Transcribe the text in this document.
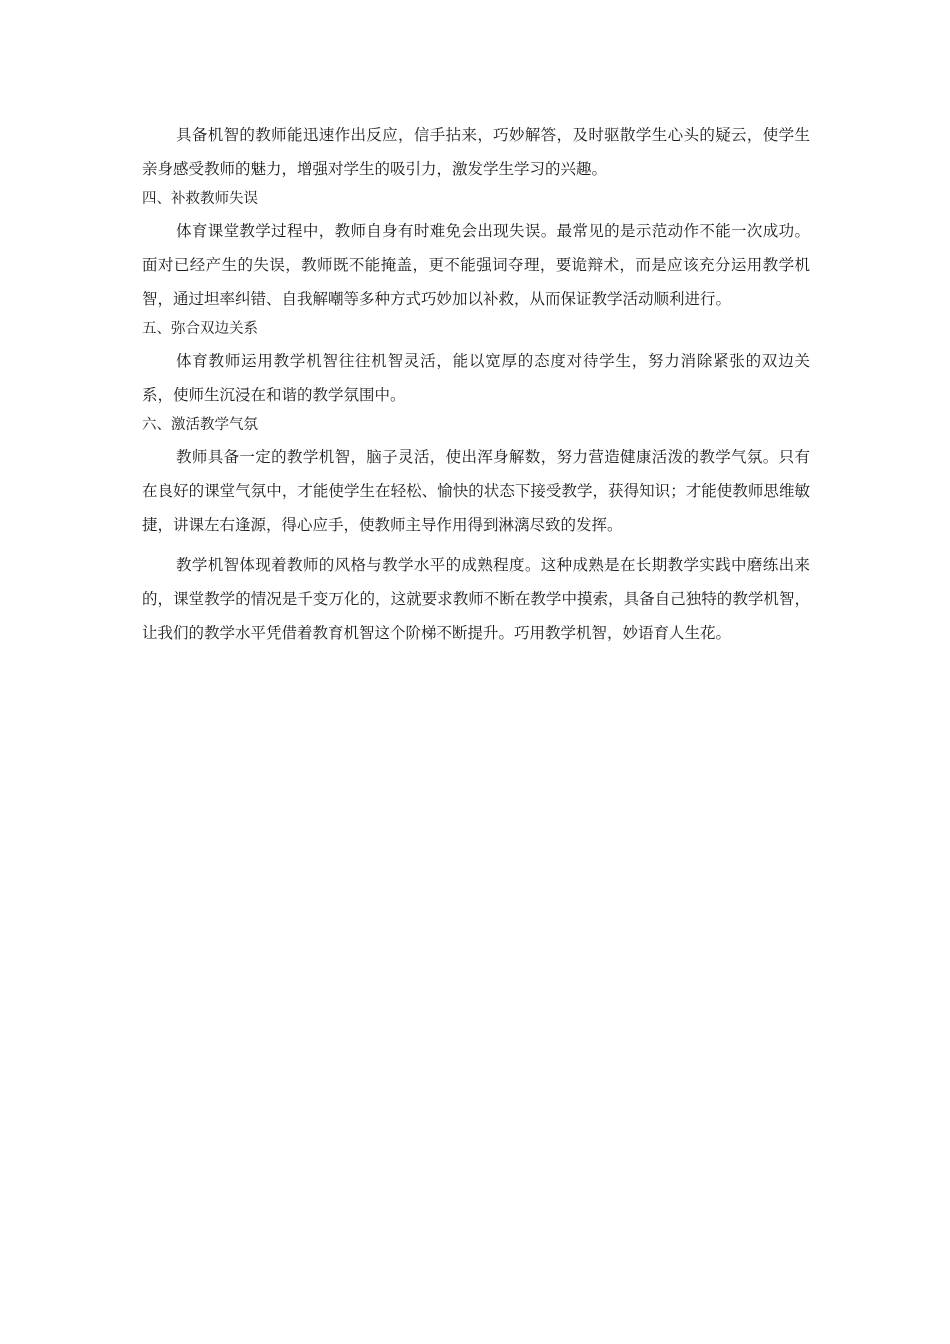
具备机智的教师能迅速作出反应，信手拈来，巧妙解答，及时驱散学生心头的疑云，使学生亲身感受教师的魅力，增强对学生的吸引力，激发学生学习的兴趣。

四、补救教师失误

体育课堂教学过程中，教师自身有时难免会出现失误。最常见的是示范动作不能一次成功。面对已经产生的失误，教师既不能掩盖，更不能强词夺理，要诡辩术，而是应该充分运用教学机智，通过坦率纠错、自我解嘲等多种方式巧妙加以补救，从而保证教学活动顺利进行。

五、弥合双边关系

体育教师运用教学机智往往机智灵活，能以宽厚的态度对待学生，努力消除紧张的双边关系，使师生沉浸在和谐的教学氛围中。

六、激活教学气氛

教师具备一定的教学机智，脑子灵活，使出浑身解数，努力营造健康活泼的教学气氛。只有在良好的课堂气氛中，才能使学生在轻松、愉快的状态下接受教学，获得知识；才能使教师思维敏捷，讲课左右逢源，得心应手，使教师主导作用得到淋漓尽致的发挥。

教学机智体现着教师的风格与教学水平的成熟程度。这种成熟是在长期教学实践中磨练出来的，课堂教学的情况是千变万化的，这就要求教师不断在教学中摸索，具备自己独特的教学机智，让我们的教学水平凭借着教育机智这个阶梯不断提升。巧用教学机智，妙语育人生花。
